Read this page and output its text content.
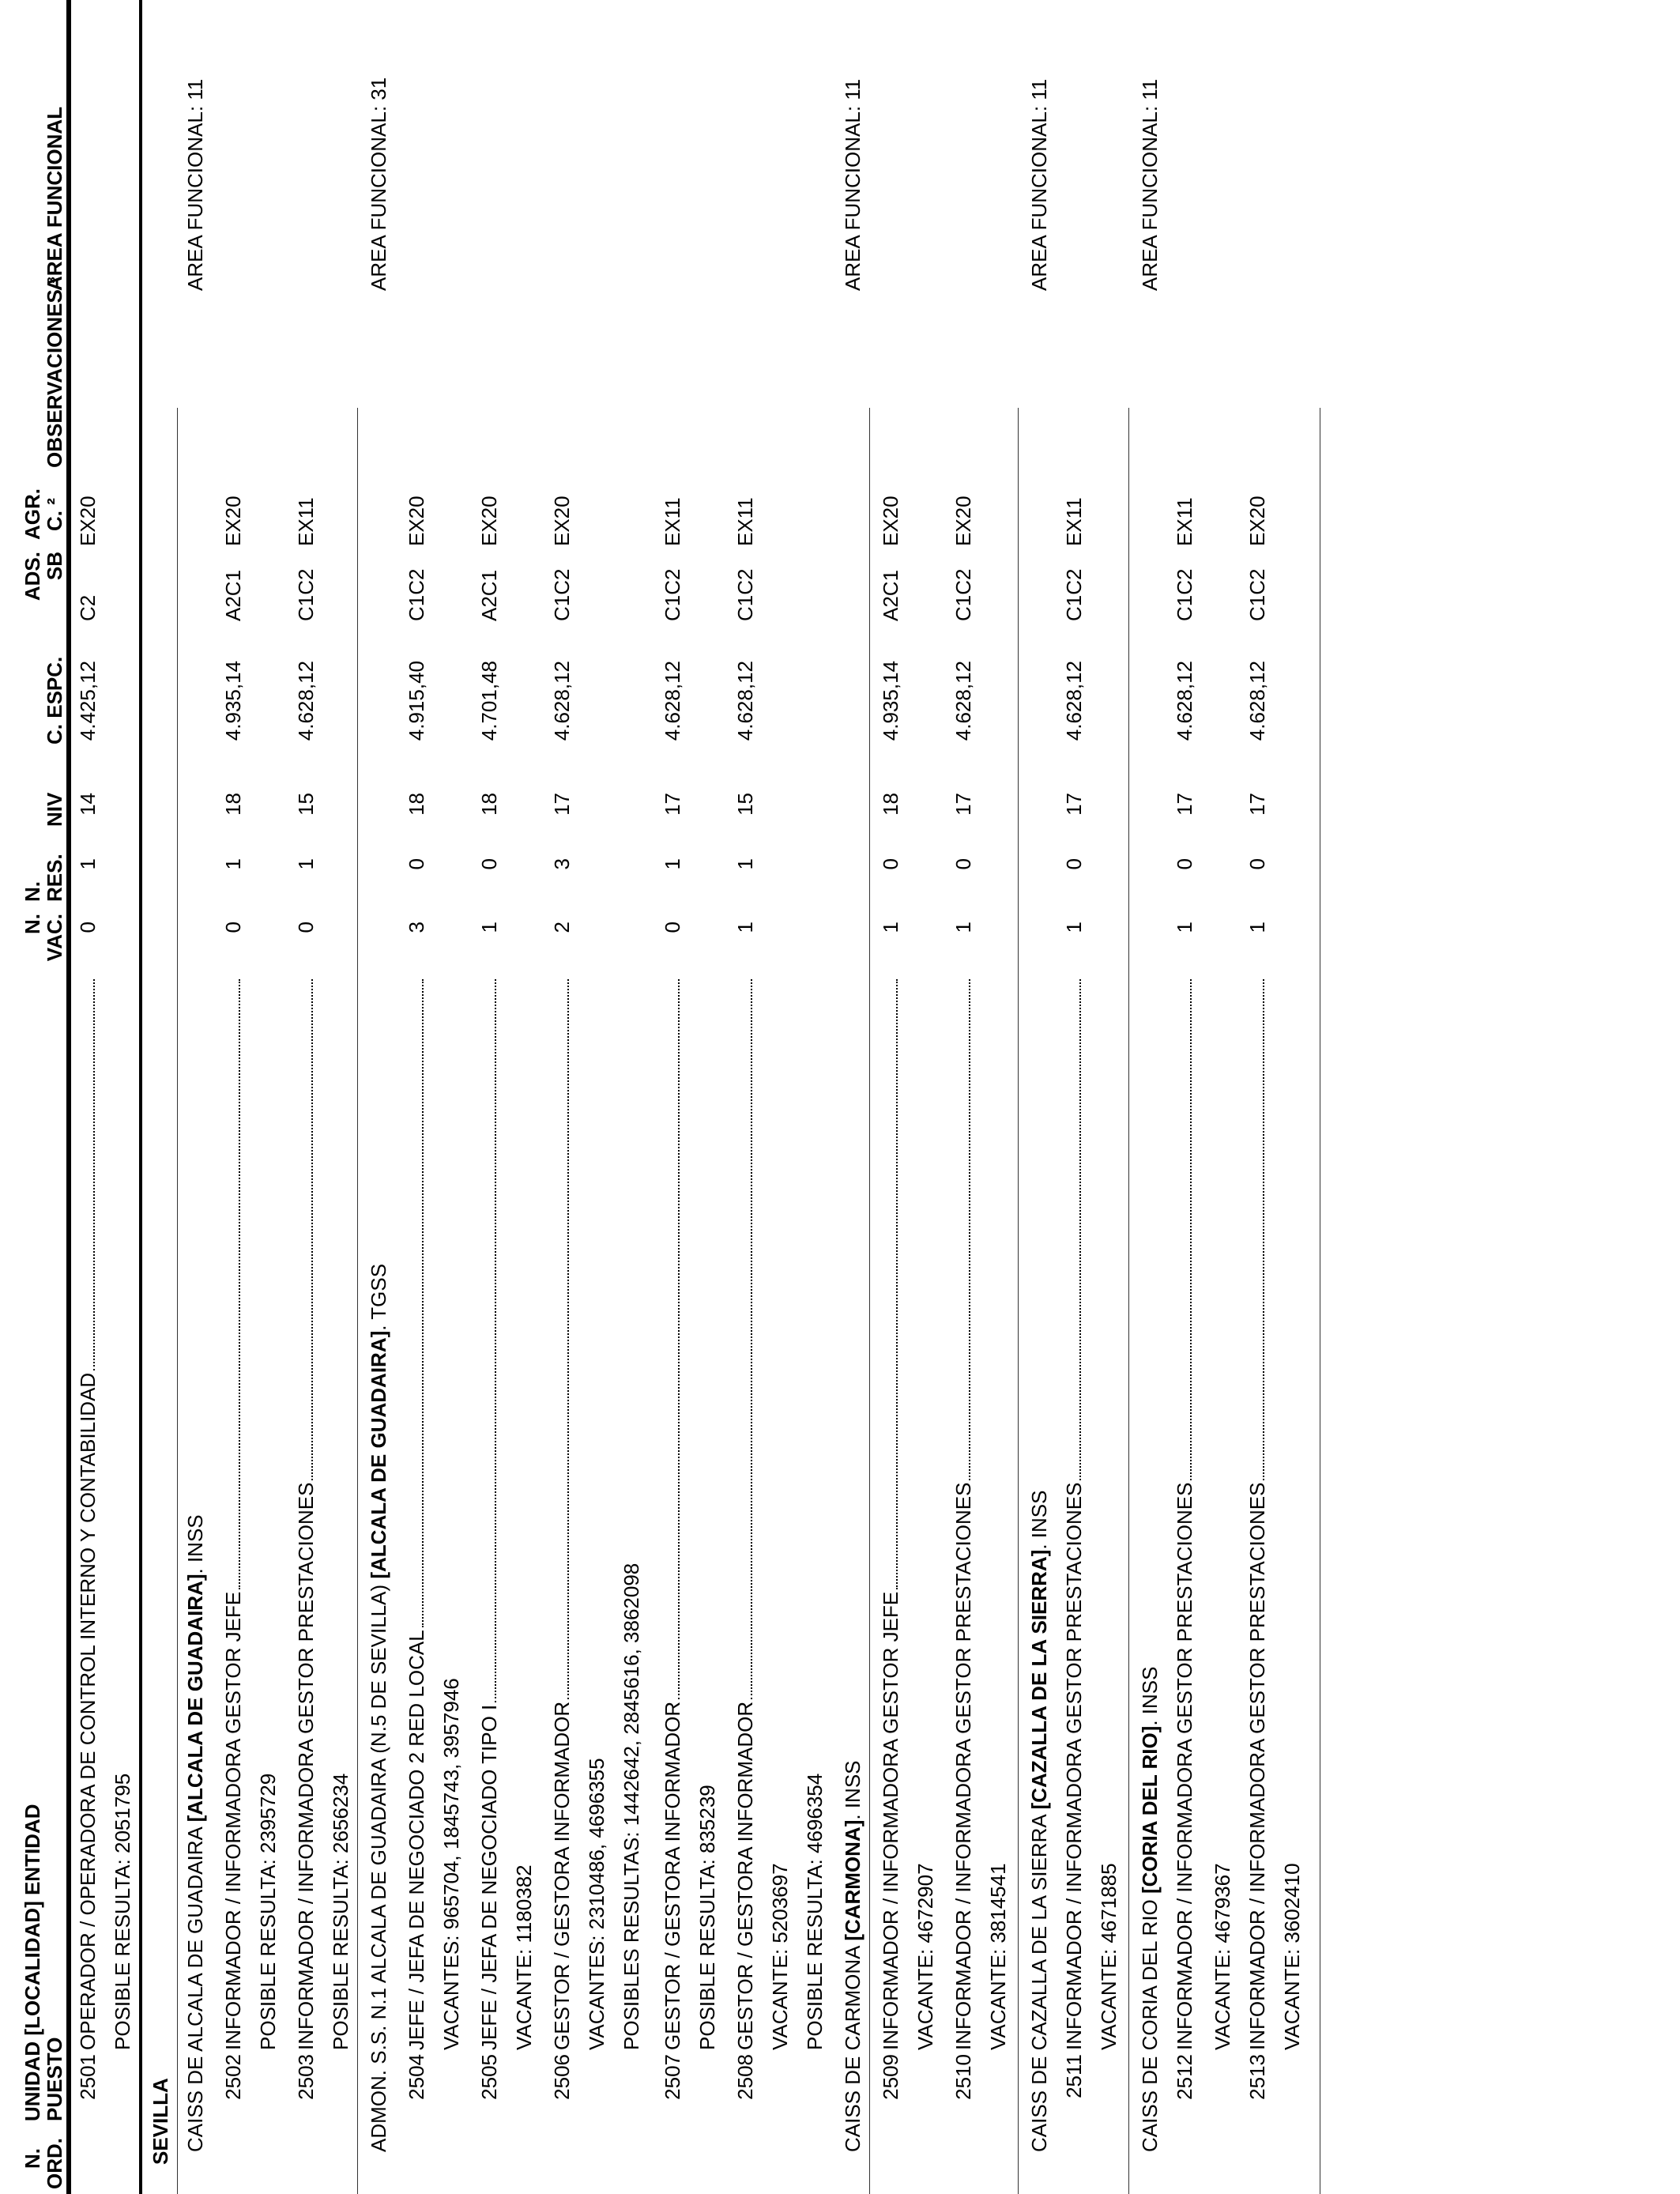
N.
ORD.
UNIDAD [LOCALIDAD] ENTIDAD
PUESTO
N.
VAC.
N.
RES.
NIV
C. ESPC.
ADS.
SB
AGR.
C. ²
OBSERVACIONES ³
AREA FUNCIONAL
2501
OPERADOR / OPERADORA DE CONTROL INTERNO Y CONTABILIDAD
0
1
14
4.425,12
C2
EX20
POSIBLE RESULTA: 2051795
SEVILLA CAISS DE ALCALA DE GUADAIRA [ALCALA DE GUADAIRA]. INSS
AREA FUNCIONAL: 11
2502
INFORMADOR / INFORMADORA GESTOR JEFE
0
1
18
4.935,14
A2C1
EX20
POSIBLE RESULTA: 2395729
2503
INFORMADOR / INFORMADORA GESTOR PRESTACIONES
0
1
15
4.628,12
C1C2
EX11
POSIBLE RESULTA: 2656234 ADMON. S.S. N.1 ALCALA DE GUADAIRA (N.5 DE SEVILLA) [ALCALA DE GUADAIRA]. TGSS
AREA FUNCIONAL: 31
2504
JEFE / JEFA DE NEGOCIADO 2 RED LOCAL
3
0
18
4.915,40
C1C2
EX20
VACANTES: 965704, 1845743, 3957946
2505
JEFE / JEFA DE NEGOCIADO TIPO I
1
0
18
4.701,48
A2C1
EX20
VACANTE: 1180382
2506
GESTOR / GESTORA INFORMADOR
2
3
17
4.628,12
C1C2
EX20
VACANTES: 2310486, 4696355 POSIBLES RESULTAS: 1442642, 2845616, 3862098
2507
GESTOR / GESTORA INFORMADOR
0
1
17
4.628,12
C1C2
EX11
POSIBLE RESULTA: 835239
2508
GESTOR / GESTORA INFORMADOR
1
1
15
4.628,12
C1C2
EX11
VACANTE: 5203697 POSIBLE RESULTA: 4696354 CAISS DE CARMONA [CARMONA]. INSS
AREA FUNCIONAL: 11
2509
INFORMADOR / INFORMADORA GESTOR JEFE
1
0
18
4.935,14
A2C1
EX20
VACANTE: 4672907
2510
INFORMADOR / INFORMADORA GESTOR PRESTACIONES
1
0
17
4.628,12
C1C2
EX20
VACANTE: 3814541 CAISS DE CAZALLA DE LA SIERRA [CAZALLA DE LA SIERRA]. INSS
AREA FUNCIONAL: 11
2511
INFORMADOR / INFORMADORA GESTOR PRESTACIONES
1
0
17
4.628,12
C1C2
EX11
VACANTE: 4671885 CAISS DE CORIA DEL RIO [CORIA DEL RIO]. INSS
AREA FUNCIONAL: 11
2512
INFORMADOR / INFORMADORA GESTOR PRESTACIONES
1
0
17
4.628,12
C1C2
EX11
VACANTE: 4679367
2513
INFORMADOR / INFORMADORA GESTOR PRESTACIONES
1
0
17
4.628,12
C1C2
EX20
VACANTE: 3602410
